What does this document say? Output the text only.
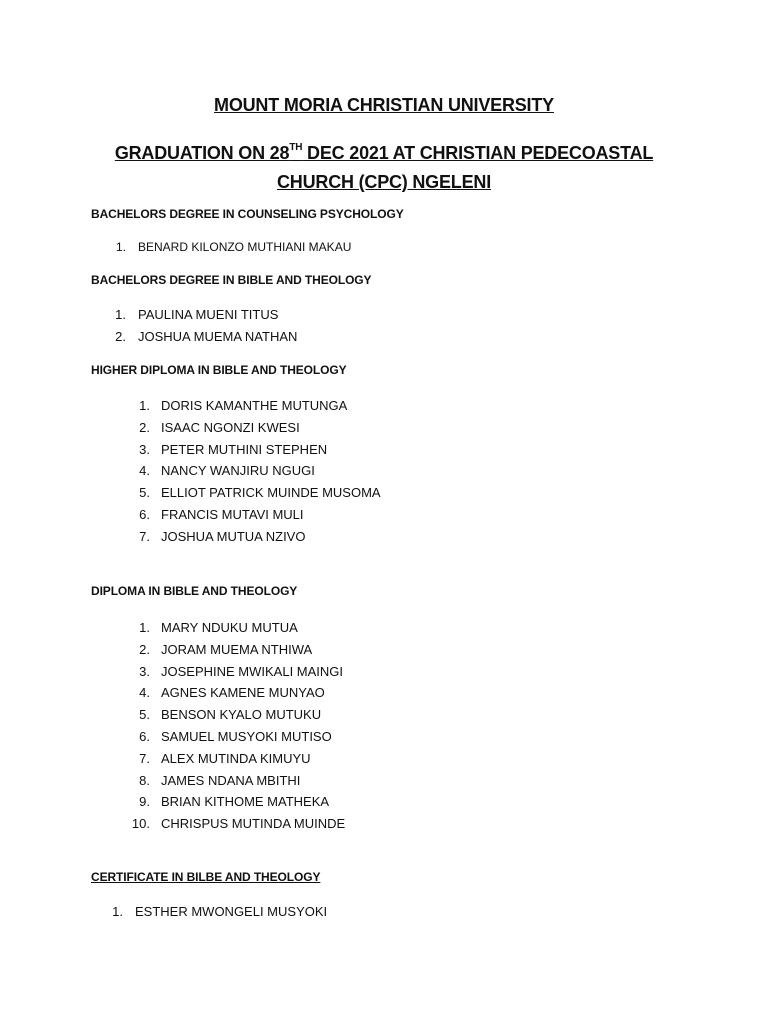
MOUNT MORIA CHRISTIAN UNIVERSITY
GRADUATION ON 28TH DEC 2021 AT CHRISTIAN PEDECOASTAL
CHURCH (CPC) NGELENI
BACHELORS DEGREE IN COUNSELING PSYCHOLOGY
1. BENARD KILONZO MUTHIANI MAKAU
BACHELORS DEGREE IN BIBLE AND THEOLOGY
1. PAULINA MUENI TITUS
2. JOSHUA MUEMA NATHAN
HIGHER DIPLOMA IN BIBLE AND THEOLOGY
1. DORIS KAMANTHE MUTUNGA
2. ISAAC NGONZI KWESI
3. PETER MUTHINI STEPHEN
4. NANCY WANJIRU NGUGI
5. ELLIOT PATRICK MUINDE MUSOMA
6. FRANCIS MUTAVI MULI
7. JOSHUA MUTUA NZIVO
DIPLOMA IN BIBLE AND THEOLOGY
1. MARY NDUKU MUTUA
2. JORAM MUEMA NTHIWA
3. JOSEPHINE MWIKALI MAINGI
4. AGNES KAMENE MUNYAO
5. BENSON KYALO MUTUKU
6. SAMUEL MUSYOKI MUTISO
7. ALEX MUTINDA KIMUYU
8. JAMES NDANA MBITHI
9. BRIAN KITHOME MATHEKA
10. CHRISPUS MUTINDA MUINDE
CERTIFICATE IN BILBE AND THEOLOGY
1. ESTHER MWONGELI MUSYOKI
